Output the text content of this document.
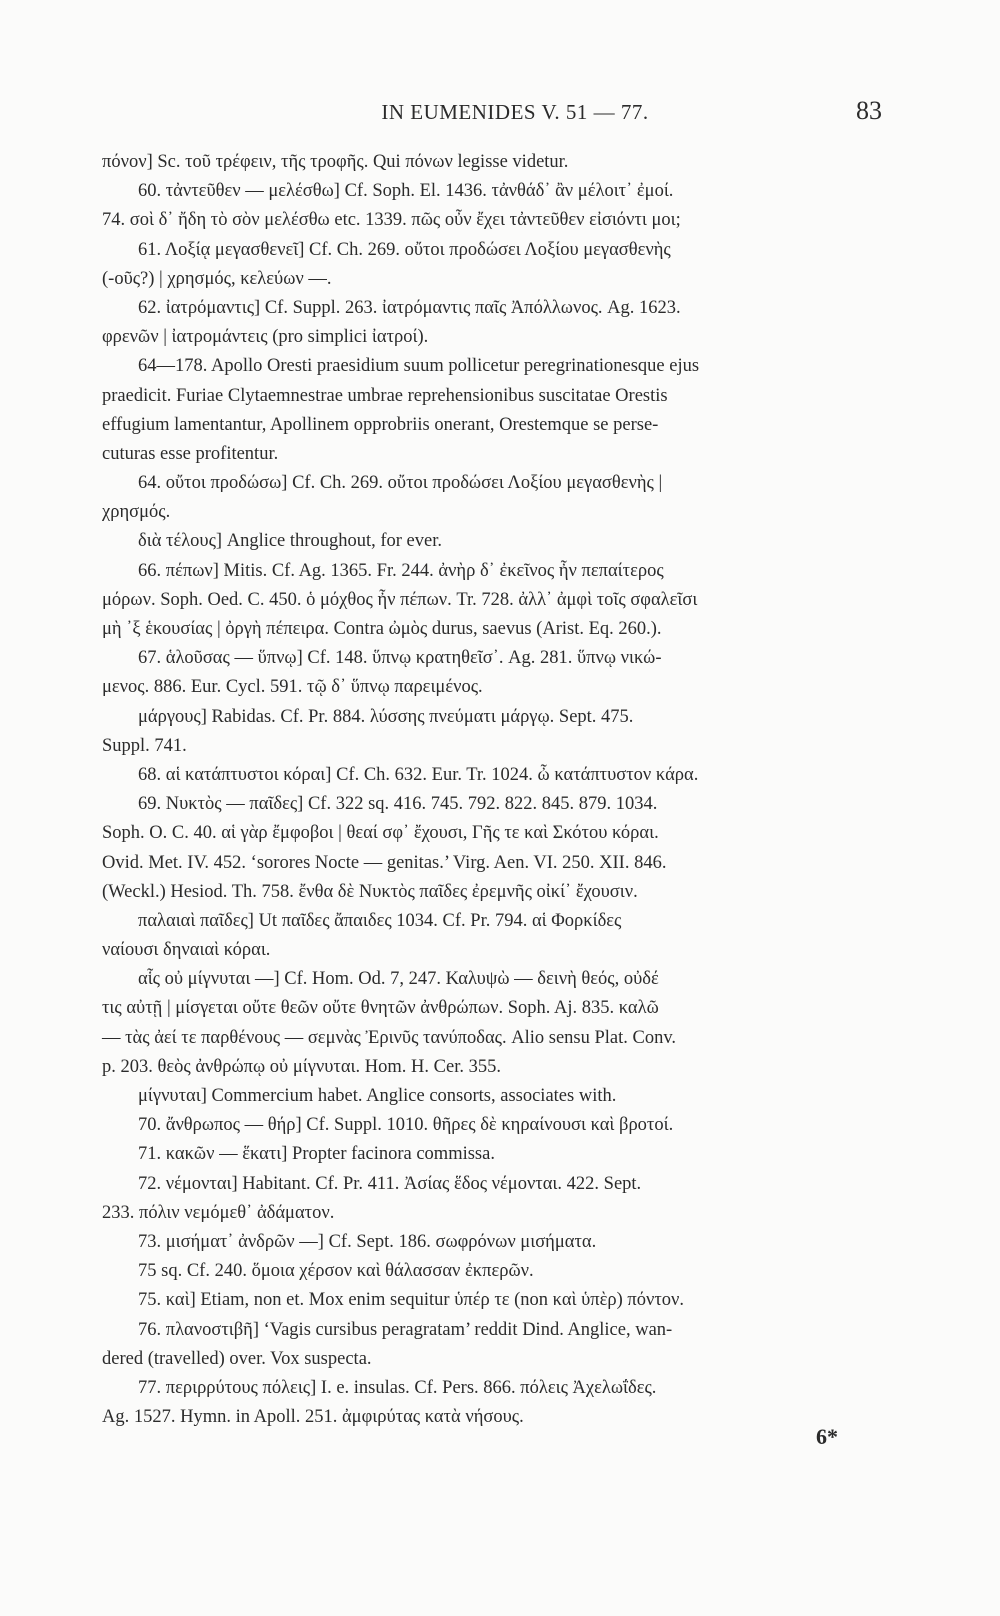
IN EUMENIDES V. 51 — 77.	83
πόνον] Sc. τοῦ τρέφειν, τῆς τροφῆς. Qui πόνων legisse videtur.
60. τἀντεῦθεν — μελέσθω] Cf. Soph. El. 1436. τἀνθάδ᾽ ἂν μέλοιτ᾽ ἐμοί.
74. σοὶ δ᾽ ἤδη τὸ σὸν μελέσθω etc. 1339. πῶς οὖν ἔχει τἀντεῦθεν εἰσιόντι μοι;
61. Λοξίᾳ μεγασθενεῖ] Cf. Ch. 269. οὔτοι προδώσει Λοξίου μεγασθενὴς
(-οῦς?) | χρησμός, κελεύων —.
62. ἰατρόμαντις] Cf. Suppl. 263. ἰατρόμαντις παῖς Ἀπόλλωνος. Ag. 1623.
φρενῶν | ἰατρομάντεις (pro simplici ἰατροί).
64—178. Apollo Oresti praesidium suum pollicetur peregrinationesque ejus
praedicit. Furiae Clytaemnestrae umbrae reprehensionibus suscitatae Orestis
effugium lamentantur, Apollinem opprobriis onerant, Orestemque se perse-
cuturas esse profitentur.
64. οὔτοι προδώσω] Cf. Ch. 269. οὔτοι προδώσει Λοξίου μεγασθενὴς |
χρησμός.
διὰ τέλους] Anglice throughout, for ever.
66. πέπων] Mitis. Cf. Ag. 1365. Fr. 244. ἀνὴρ δ᾽ ἐκεῖνος ἦν πεπαίτερος
μόρων. Soph. Oed. C. 450. ὁ μόχθος ἦν πέπων. Tr. 728. ἀλλ᾽ ἀμφὶ τοῖς σφαλεῖσι
μὴ ᾽ξ ἑκουσίας | ὀργὴ πέπειρα. Contra ὠμὸς durus, saevus (Arist. Eq. 260.).
67. ἁλοῦσας — ὕπνῳ] Cf. 148. ὕπνῳ κρατηθεῖσ᾽. Ag. 281. ὕπνῳ νικώ-
μενος. 886. Eur. Cycl. 591. τῷ δ᾽ ὕπνῳ παρειμένος.
μάργους] Rabidas. Cf. Pr. 884. λύσσης πνεύματι μάργῳ. Sept. 475.
Suppl. 741.
68. αἱ κατάπτυστοι κόραι] Cf. Ch. 632. Eur. Tr. 1024. ὦ κατάπτυστον κάρα.
69. Νυκτὸς — παῖδες] Cf. 322 sq. 416. 745. 792. 822. 845. 879. 1034.
Soph. O. C. 40. αἱ γὰρ ἔμφοβοι | θεαί σφ᾽ ἔχουσι, Γῆς τε καὶ Σκότου κόραι.
Ovid. Met. IV. 452. ‘sorores Nocte — genitas.’ Virg. Aen. VI. 250. XII. 846.
(Weckl.) Hesiod. Th. 758. ἔνθα δὲ Νυκτὸς παῖδες ἐρεμνῆς οἰκί᾽ ἔχουσιν.
παλαιαὶ παῖδες] Ut παῖδες ἄπαιδες 1034. Cf. Pr. 794. αἱ Φορκίδες
ναίουσι δηναιαὶ κόραι.
αἷς οὐ μίγνυται —] Cf. Hom. Od. 7, 247. Καλυψὼ — δεινὴ θεός, οὐδέ
τις αὐτῇ | μίσγεται οὔτε θεῶν οὔτε θνητῶν ἀνθρώπων. Soph. Aj. 835. καλῶ
— τὰς ἀεί τε παρθένους — σεμνὰς Ἐρινῦς τανύποδας. Alio sensu Plat. Conv.
p. 203. θεὸς ἀνθρώπῳ οὐ μίγνυται. Hom. H. Cer. 355.
μίγνυται] Commercium habet. Anglice consorts, associates with.
70. ἄνθρωπος — θήρ] Cf. Suppl. 1010. θῆρες δὲ κηραίνουσι καὶ βροτοί.
71. κακῶν — ἕκατι] Propter facinora commissa.
72. νέμονται] Habitant. Cf. Pr. 411. Ἀσίας ἕδος νέμονται. 422. Sept.
233. πόλιν νεμόμεθ᾽ ἀδάματον.
73. μισήματ᾽ ἀνδρῶν —] Cf. Sept. 186. σωφρόνων μισήματα.
75 sq. Cf. 240. ὅμοια χέρσον καὶ θάλασσαν ἐκπερῶν.
75. καὶ] Etiam, non et. Mox enim sequitur ὑπέρ τε (non καὶ ὑπὲρ) πόντον.
76. πλανοστιβῆ] ‘Vagis cursibus peragratam’ reddit Dind. Anglice, wan-
dered (travelled) over. Vox suspecta.
77. περιρρύτους πόλεις] I. e. insulas. Cf. Pers. 866. πόλεις Ἀχελωΐδες.
Ag. 1527. Hymn. in Apoll. 251. ἀμφιρύτας κατὰ νήσους.
6*
